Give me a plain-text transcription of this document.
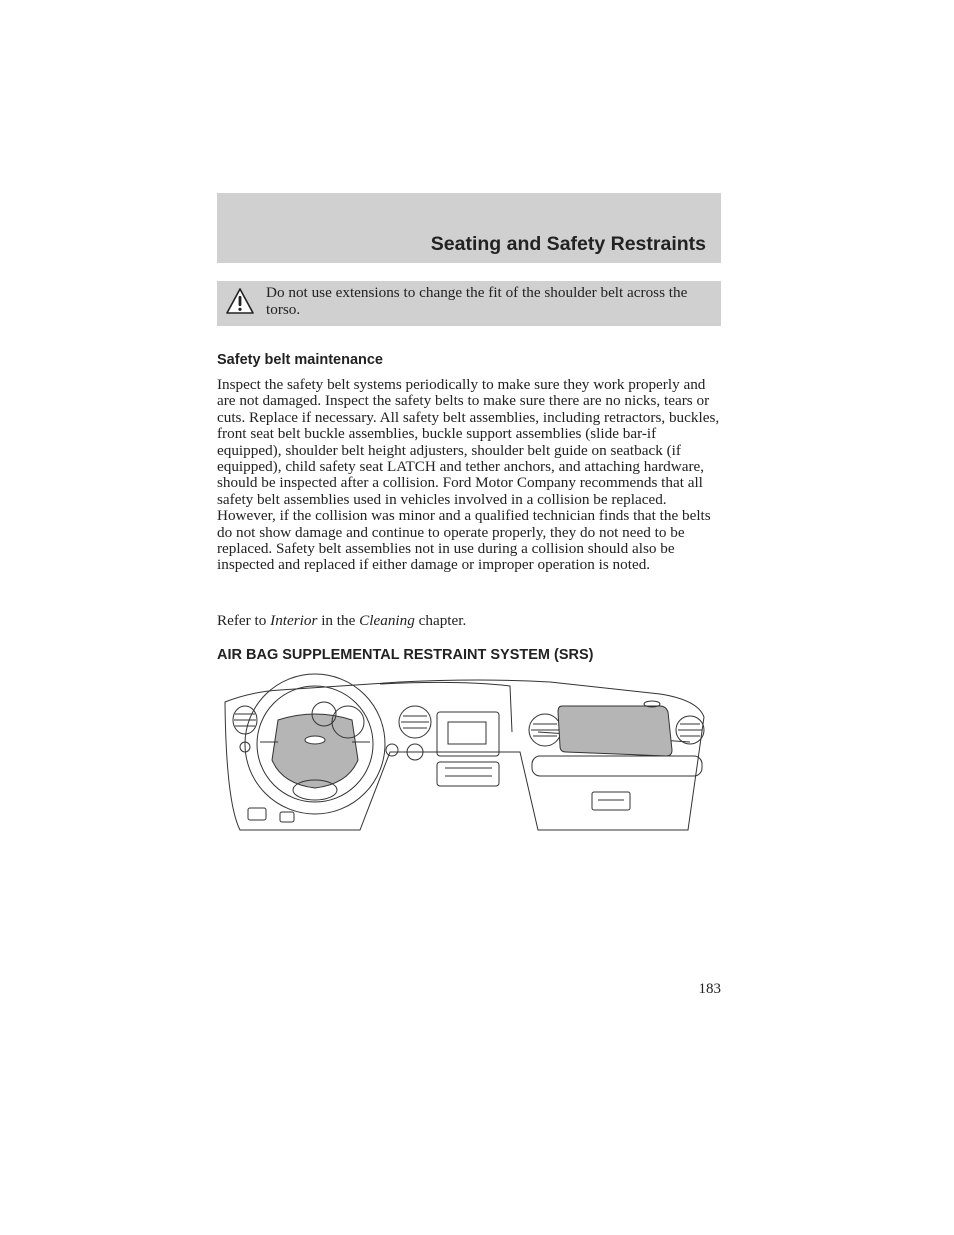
Seating and Safety Restraints
Do not use extensions to change the fit of the shoulder belt across the torso.
Safety belt maintenance

Inspect the safety belt systems periodically to make sure they work properly and are not damaged. Inspect the safety belts to make sure there are no nicks, tears or cuts. Replace if necessary. All safety belt assemblies, including retractors, buckles, front seat belt buckle assemblies, buckle support assemblies (slide bar-if equipped), shoulder belt height adjusters, shoulder belt guide on seatback (if equipped), child safety seat LATCH and tether anchors, and attaching hardware, should be inspected after a collision. Ford Motor Company recommends that all safety belt assemblies used in vehicles involved in a collision be replaced. However, if the collision was minor and a qualified technician finds that the belts do not show damage and continue to operate properly, they do not need to be replaced. Safety belt assemblies not in use during a collision should also be inspected and replaced if either damage or improper operation is noted.

Refer to Interior in the Cleaning chapter.

AIR BAG SUPPLEMENTAL RESTRAINT SYSTEM (SRS)
183
